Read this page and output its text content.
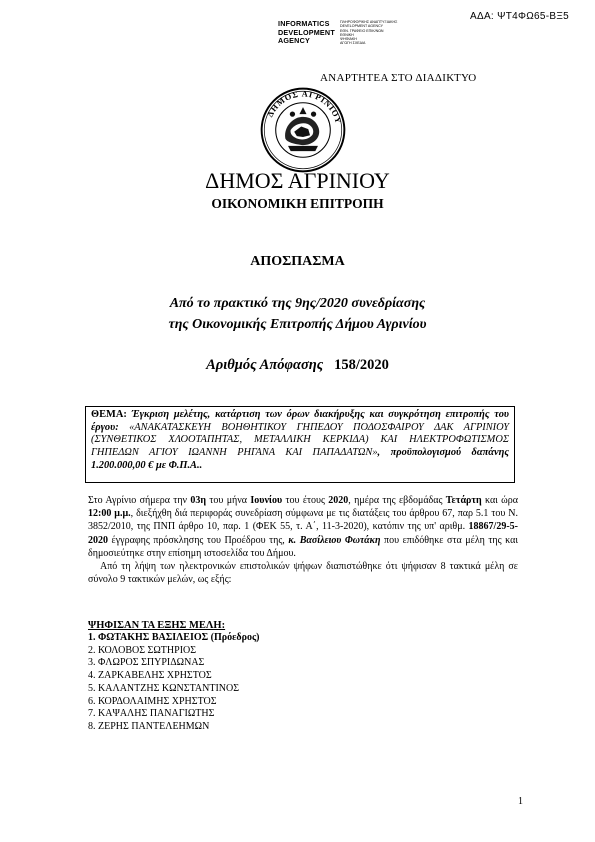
ΑΔΑ: ΨΤ4ΦΩ65-ΒΞ5
INFORMATICS
DEVELOPMENT
AGENCY
ΠΛΗΡΟΦΟΡΙΚΗΣ ΑΝΑΠΤΥΞΙΑΚΗΣ
DEVELOPMENT AGENCY
ΕΘΝ. ΓΡΑΦΕΙΟ ΕΠΙΚ/ΝΩΝ
ΕΘΝΙΚΗ
ΨΗΦΙΑΚΗ
ΑΓΩΓΗ ΣΧΕΔΙΑ
ΑΝΑΡΤΗΤΕΑ ΣΤΟ ΔΙΑΔΙΚΤΥΟ
ΔΗΜΟΣ ΑΓΡΙΝΙΟΥ
ΔΗΜΟΣ ΑΓΡΙΝΙΟΥ
ΟΙΚΟΝΟΜΙΚΗ ΕΠΙΤΡΟΠΗ
ΑΠΟΣΠΑΣΜΑ
Από το πρακτικό της 9ης/2020 συνεδρίασης
της Οικονομικής Επιτροπής Δήμου Αγρινίου
Αριθμός Απόφασης 158/2020
ΘΕΜΑ: Έγκριση μελέτης, κατάρτιση των όρων διακήρυξης και συγκρότηση επιτροπής του έργου: «ΑΝΑΚΑΤΑΣΚΕΥΗ ΒΟΗΘΗΤΙΚΟΥ ΓΗΠΕΔΟΥ ΠΟΔΟΣΦΑΙΡΟΥ ΔΑΚ ΑΓΡΙΝΙΟΥ (ΣΥΝΘΕΤΙΚΟΣ ΧΛΟΟΤΑΠΗΤΑΣ, ΜΕΤΑΛΛΙΚΗ ΚΕΡΚΙΔΑ) ΚΑΙ ΗΛΕΚΤΡΟΦΩΤΙΣΜΟΣ ΓΗΠΕΔΩΝ ΑΓΙΟΥ ΙΩΑΝΝΗ ΡΗΓΑΝΑ ΚΑΙ ΠΑΠΑΔΑΤΩΝ», προϋπολογισμού δαπάνης 1.200.000,00 € με Φ.Π.Α..

Στο Αγρίνιο σήμερα την 03η του μήνα Ιουνίου του έτους 2020, ημέρα της εβδομάδας Τετάρτη και ώρα 12:00 μ.μ., διεξήχθη διά περιφοράς συνεδρίαση σύμφωνα με τις διατάξεις του άρθρου 67, παρ 5.1 του Ν. 3852/2010, της ΠΝΠ άρθρο 10, παρ. 1 (ΦΕΚ 55, τ. Α΄, 11-3-2020), κατόπιν της υπ' αριθμ. 18867/29-5-2020 έγγραφης πρόσκλησης του Προέδρου της, κ. Βασίλειου Φωτάκη που επιδόθηκε στα μέλη της και δημοσιεύτηκε στην επίσημη ιστοσελίδα του Δήμου.

Από τη λήψη των ηλεκτρονικών επιστολικών ψήφων διαπιστώθηκε ότι ψήφισαν 8 τακτικά μέλη σε σύνολο 9 τακτικών μελών, ως εξής:

ΨΗΦΙΣΑΝ ΤΑ ΕΞΗΣ ΜΕΛΗ:
1. ΦΩΤΑΚΗΣ ΒΑΣΙΛΕΙΟΣ (Πρόεδρος)
2. ΚΟΛΟΒΟΣ ΣΩΤΗΡΙΟΣ
3. ΦΛΩΡΟΣ ΣΠΥΡΙΔΩΝΑΣ
4. ΖΑΡΚΑΒΕΛΗΣ ΧΡΗΣΤΟΣ
5. ΚΑΛΑΝΤΖΗΣ ΚΩΝΣΤΑΝΤΙΝΟΣ
6. ΚΟΡΔΟΛΑΙΜΗΣ ΧΡΗΣΤΟΣ
7. ΚΑΨΑΛΗΣ ΠΑΝΑΓΙΩΤΗΣ
8. ΖΕΡΗΣ ΠΑΝΤΕΛΕΗΜΩΝ
1
